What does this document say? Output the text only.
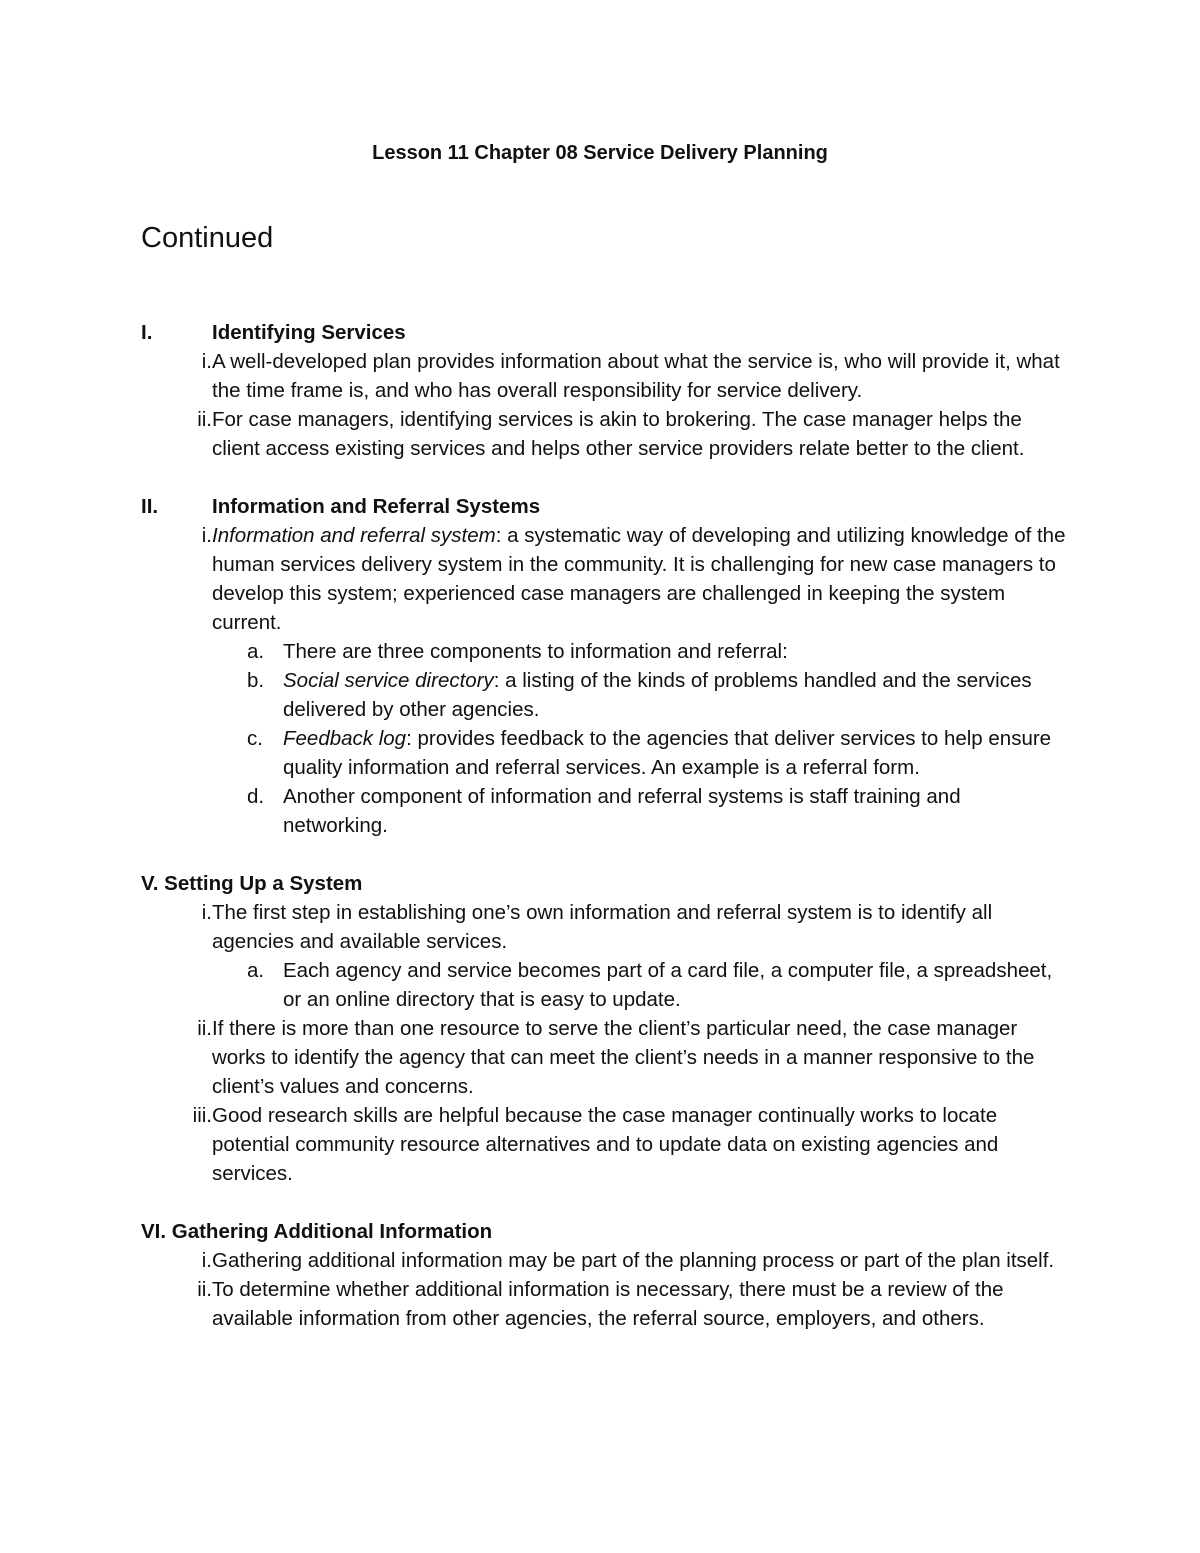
Lesson 11 Chapter 08 Service Delivery Planning
Continued
I.	Identifying Services
i. A well-developed plan provides information about what the service is, who will provide it, what the time frame is, and who has overall responsibility for service delivery.
ii. For case managers, identifying services is akin to brokering. The case manager helps the client access existing services and helps other service providers relate better to the client.
II.	Information and Referral Systems
i. Information and referral system: a systematic way of developing and utilizing knowledge of the human services delivery system in the community. It is challenging for new case managers to develop this system; experienced case managers are challenged in keeping the system current.
a. There are three components to information and referral:
b. Social service directory: a listing of the kinds of problems handled and the services delivered by other agencies.
c. Feedback log: provides feedback to the agencies that deliver services to help ensure quality information and referral services. An example is a referral form.
d. Another component of information and referral systems is staff training and networking.
V. Setting Up a System
i. The first step in establishing one’s own information and referral system is to identify all agencies and available services.
a. Each agency and service becomes part of a card file, a computer file, a spreadsheet, or an online directory that is easy to update.
ii. If there is more than one resource to serve the client’s particular need, the case manager works to identify the agency that can meet the client’s needs in a manner responsive to the client’s values and concerns.
iii. Good research skills are helpful because the case manager continually works to locate potential community resource alternatives and to update data on existing agencies and services.
VI. Gathering Additional Information
i. Gathering additional information may be part of the planning process or part of the plan itself.
ii. To determine whether additional information is necessary, there must be a review of the available information from other agencies, the referral source, employers, and others.
